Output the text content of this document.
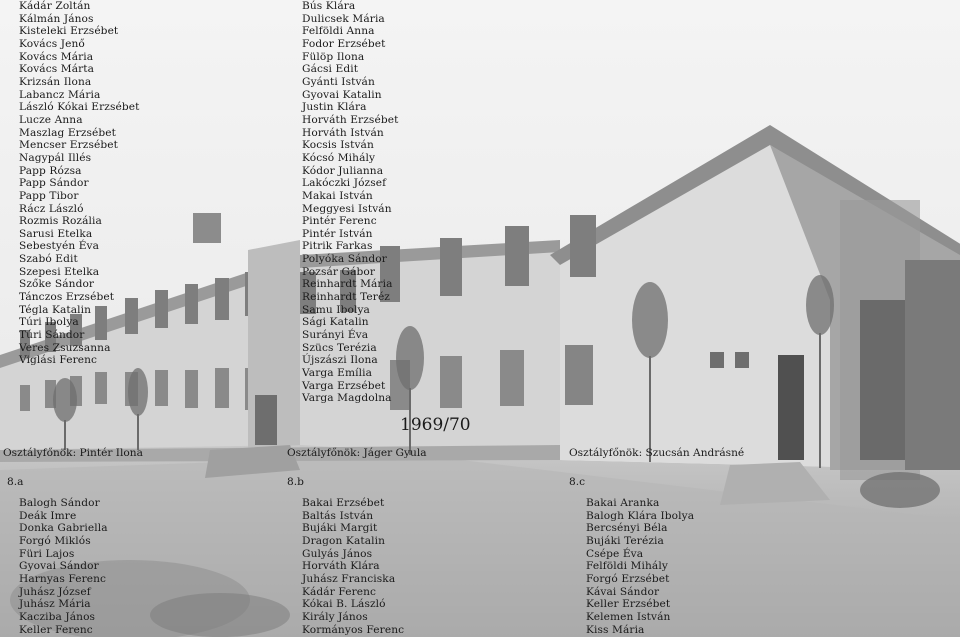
Kádár Zoltán
Kálmán János
Kisteleki Erzsébet
Kovács Jenő
Kovács Mária
Kovács Márta
Krizsán Ilona
Labancz Mária
László Kókai Erzsébet
Lucze Anna
Maszlag Erzsébet
Mencser Erzsébet
Nagypál Illés
Papp Rózsa
Papp Sándor
Papp Tibor
Rácz László
Rozmis Rozália
Sarusi Etelka
Sebestyén Éva
Szabó Edit
Szepesi Etelka
Szőke Sándor
Tánczos Erzsébet
Tégla Katalin
Túri Ibolya
Túri Sándor
Veres Zsuzsanna
Viglási Ferenc
Bús Klára
Dulicsek Mária
Felföldi Anna
Fodor Erzsébet
Fülöp Ilona
Gácsi Edit
Gyánti István
Gyovai Katalin
Justin Klára
Horváth Erzsébet
Horváth István
Kocsis István
Kócsó Mihály
Kódor Julianna
Lakóczki József
Makai István
Meggyesi István
Pintér Ferenc
Pintér István
Pitrik Farkas
Polyóka Sándor
Pozsár Gábor
Reinhardt Mária
Reinhardt Teréz
Samu Ibolya
Sági Katalin
Surányi Éva
Szücs Terézia
Újszászi Ilona
Varga Emília
Varga Erzsébet
Varga Magdolna
1969/70
Osztályfőnök: Pintér Ilona	Osztályfőnök: Jáger Gyula	Osztályfőnök: Szucsán Andrásné
8.a	8.b	8.c
Balogh Sándor
Deák Imre
Donka Gabriella
Forgó Miklós
Füri Lajos
Gyovai Sándor
Harnyas Ferenc
Juhász József
Juhász Mária
Kacziba János
Keller Ferenc
Bakai Erzsébet
Baltás István
Bujáki Margit
Dragon Katalin
Gulyás János
Horváth Klára
Juhász Franciska
Kádár Ferenc
Kókai B. László
Király János
Kormányos Ferenc
Bakai Aranka
Balogh Klára Ibolya
Bercsényi Béla
Bujáki Terézia
Csépe Éva
Felföldi Mihály
Forgó Erzsébet
Kávai Sándor
Keller Erzsébet
Kelemen István
Kiss Mária
